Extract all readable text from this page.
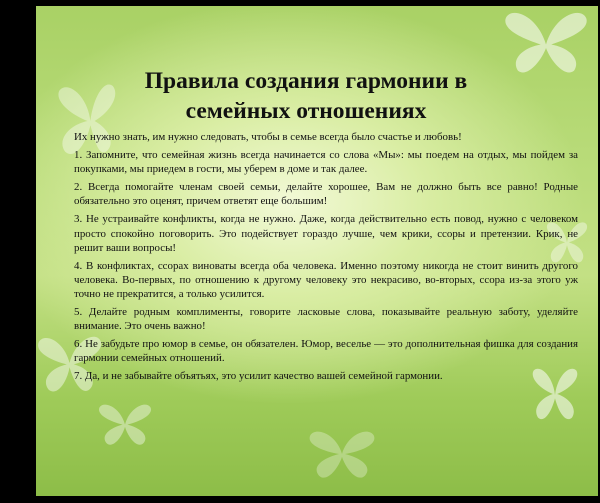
Правила создания гармонии в
семейных отношениях

Их нужно знать, им нужно следовать, чтобы в семье всегда было счастье и любовь!

1. Запомните, что семейная жизнь всегда начинается со слова «Мы»: мы поедем на отдых, мы пойдем за покупками, мы приедем в гости, мы уберем в доме и так далее.

2. Всегда помогайте членам своей семьи, делайте хорошее, Вам не должно быть все равно! Родные обязательно это оценят, причем ответят еще большим!

3. Не устраивайте конфликты, когда не нужно. Даже, когда действительно есть повод, нужно с человеком просто спокойно поговорить. Это подействует гораздо лучше, чем крики, ссоры и претензии. Крик, не решит ваши вопросы!

4. В конфликтах, ссорах виноваты всегда оба человека. Именно поэтому никогда не стоит винить другого человека. Во-первых, по отношению к другому человеку это некрасиво, во-вторых, ссора из-за этого уж точно не прекратится, а только усилится.

5. Делайте родным комплименты, говорите ласковые слова, показывайте реальную заботу, уделяйте внимание. Это очень важно!

6. Не забудьте про юмор в семье, он обязателен. Юмор, веселье — это дополнительная фишка для создания гармонии семейных отношений.

7. Да, и не забывайте объятьях, это усилит качество вашей семейной гармонии.
